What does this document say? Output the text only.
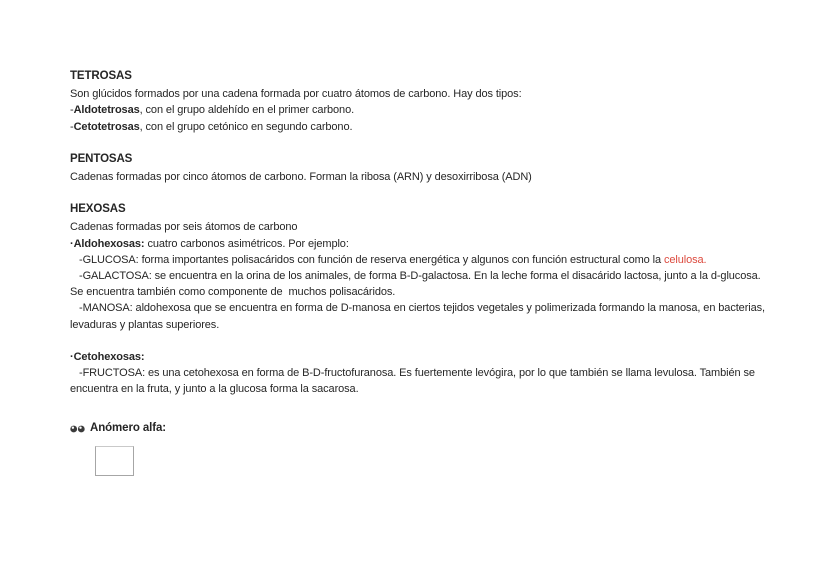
TETROSAS

Son glúcidos formados por una cadena formada por cuatro átomos de carbono. Hay dos tipos:

-Aldotetrosas, con el grupo aldehído en el primer carbono.

-Cetotetrosas, con el grupo cetónico en segundo carbono.

PENTOSAS

Cadenas formadas por cinco átomos de carbono. Forman la ribosa (ARN) y desoxirribosa (ADN)

HEXOSAS

Cadenas formadas por seis átomos de carbono

·Aldohexosas: cuatro carbonos asimétricos. Por ejemplo:

-GLUCOSA: forma importantes polisacáridos con función de reserva energética y algunos con función estructural como la celulosa.

-GALACTOSA: se encuentra en la orina de los animales, de forma B-D-galactosa. En la leche forma el disacárido lactosa, junto a la d-glucosa. Se encuentra también como componente de  muchos polisacáridos.

-MANOSA: aldohexosa que se encuentra en forma de D-manosa en ciertos tejidos vegetales y polimerizada formando la manosa, en bacterias, levaduras y plantas superiores.

·Cetohexosas:

-FRUCTOSA: es una cetohexosa en forma de B-D-fructofuranosa. Es fuertemente levógira, por lo que también se llama levulosa. También se encuentra en la fruta, y junto a la glucosa forma la sacarosa.

Anómero alfa:
